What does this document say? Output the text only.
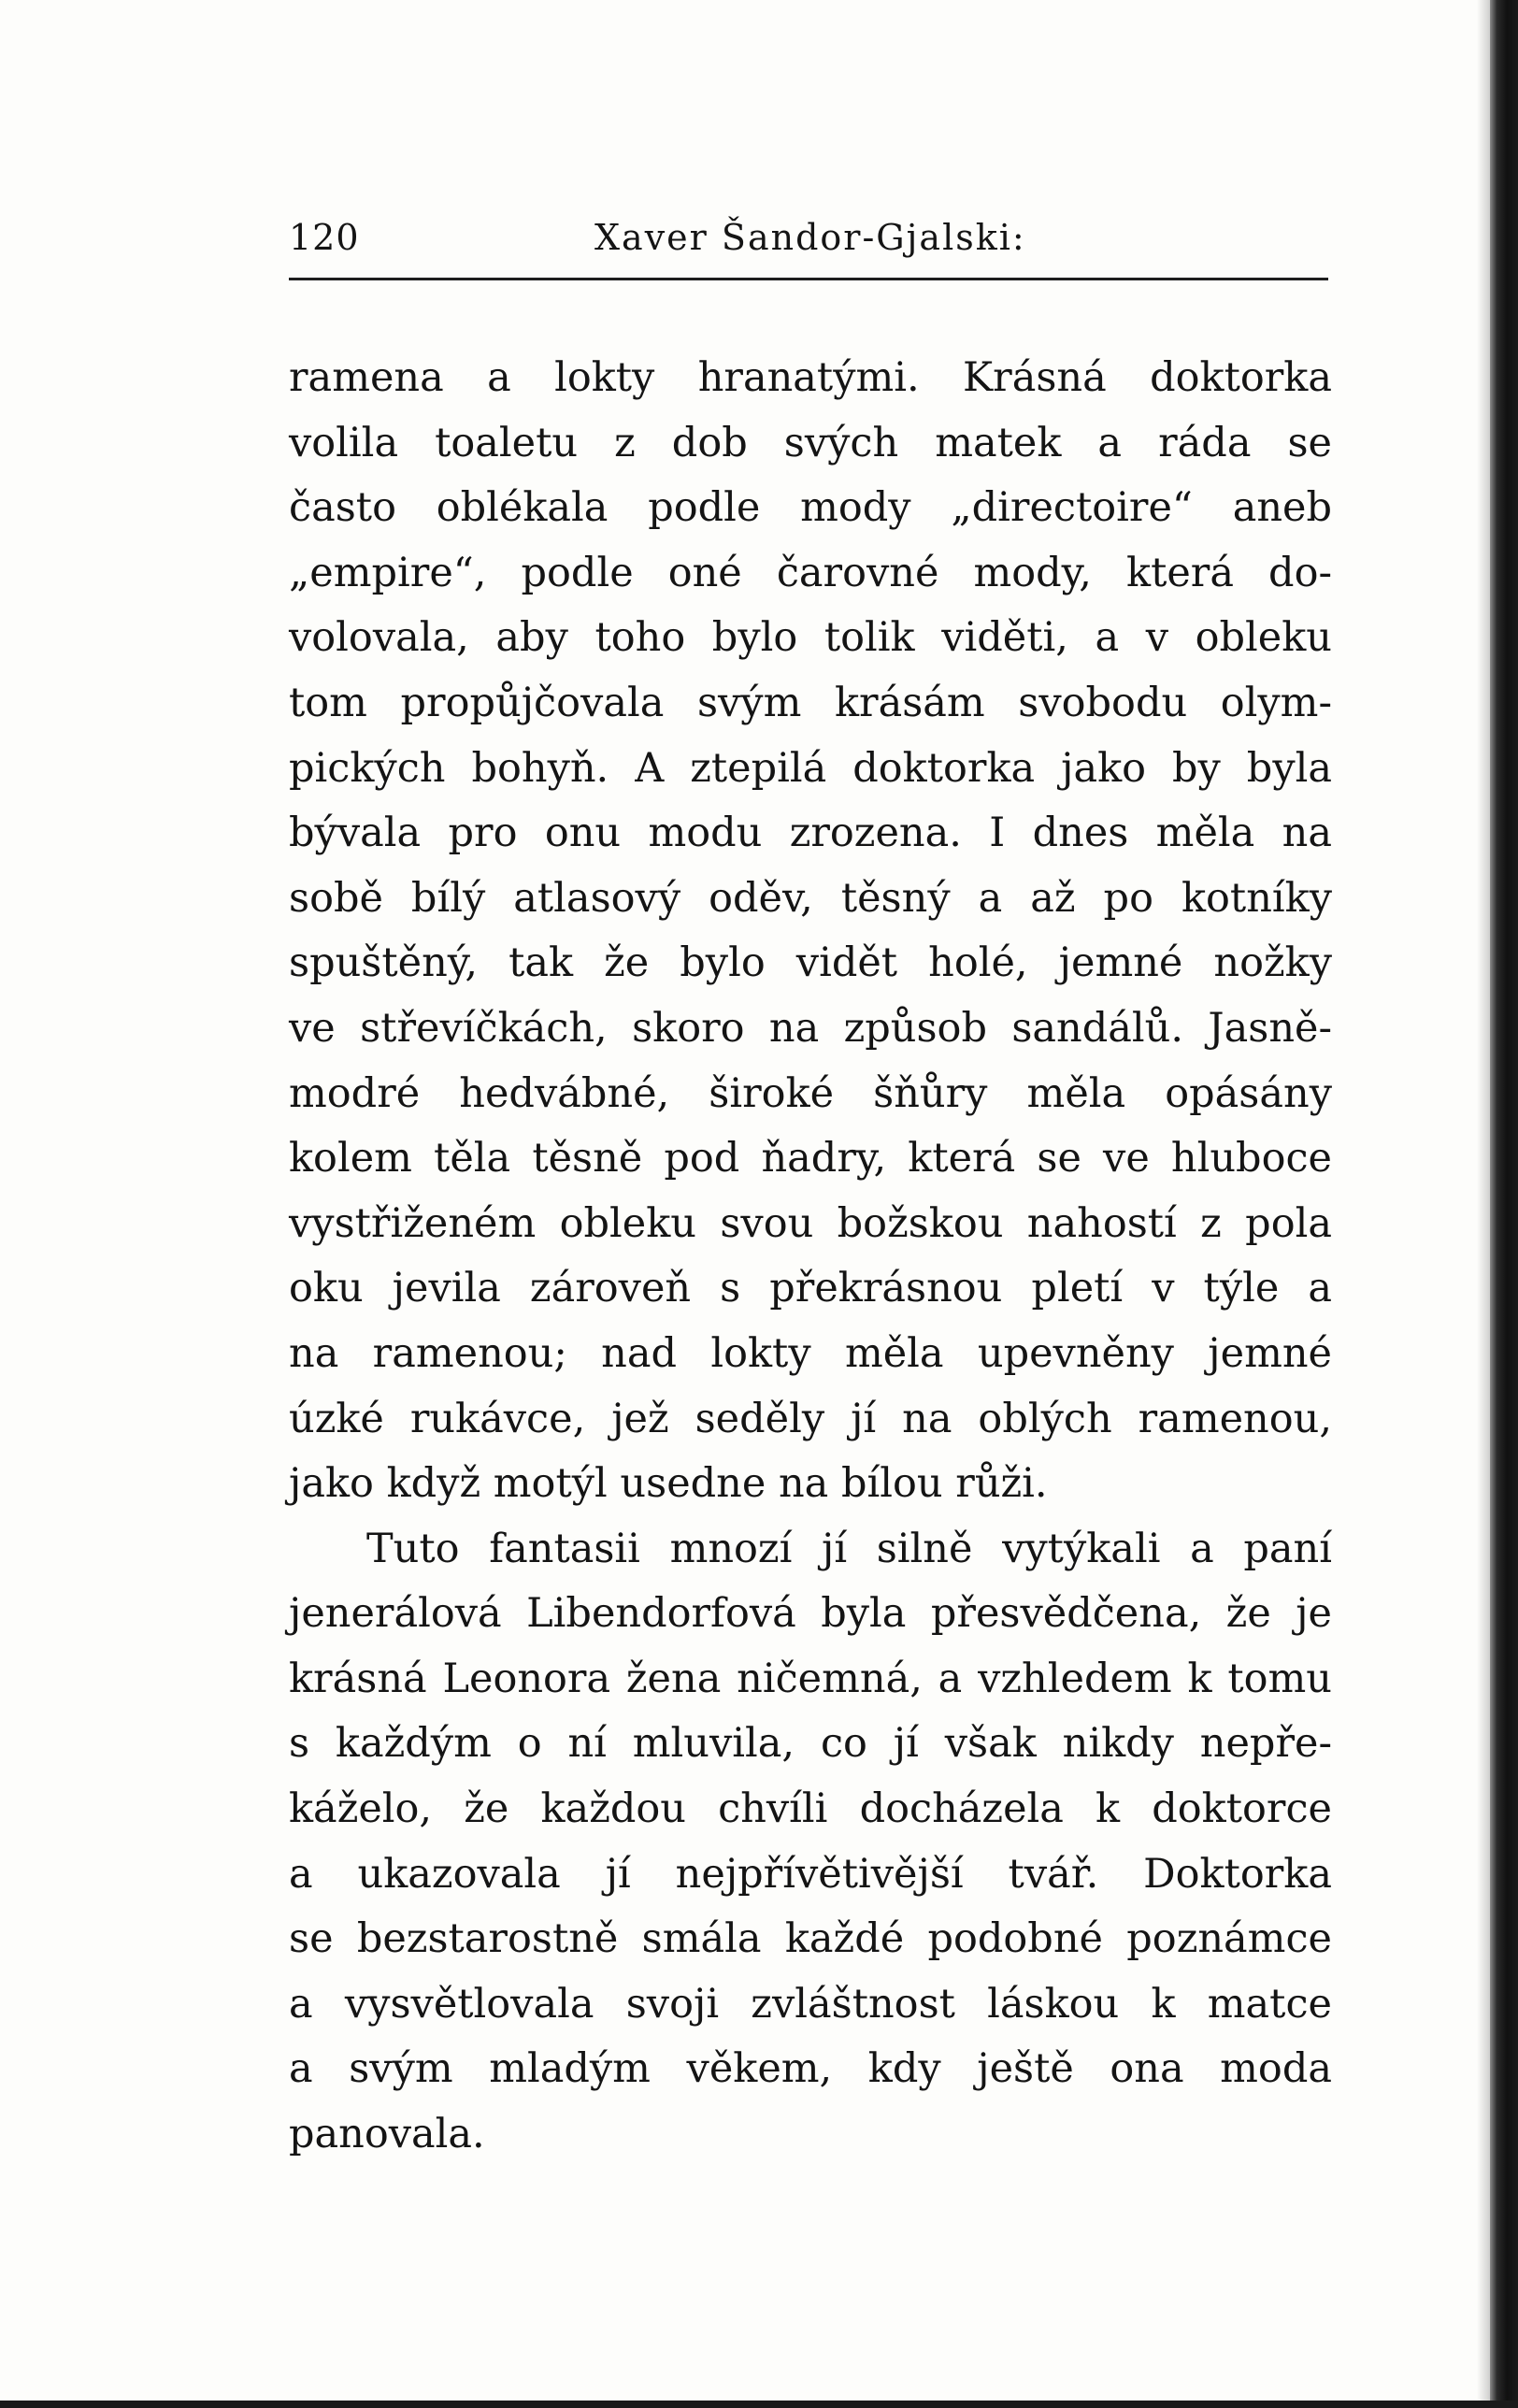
120	Xaver Šandor-Gjalski:
ramena a lokty hranatými. Krásná doktorka
volila toaletu z dob svých matek a ráda se
často oblékala podle mody „directoire“ aneb
„empire“, podle oné čarovné mody, která do-
volovala, aby toho bylo tolik viděti, a v obleku
tom propůjčovala svým krásám svobodu olym-
pických bohyň. A ztepilá doktorka jako by byla
bývala pro onu modu zrozena. I dnes měla na
sobě bílý atlasový oděv, těsný a až po kotníky
spuštěný, tak že bylo vidět holé, jemné nožky
ve střevíčkách, skoro na způsob sandálů. Jasně-
modré hedvábné, široké šňůry měla opásány
kolem těla těsně pod ňadry, která se ve hluboce
vystřiženém obleku svou božskou nahostí z pola
oku jevila zároveň s překrásnou pletí v týle a
na ramenou; nad lokty měla upevněny jemné
úzké rukávce, jež seděly jí na oblých ramenou,
jako když motýl usedne na bílou růži.
Tuto fantasii mnozí jí silně vytýkali a paní
jenerálová Libendorfová byla přesvědčena, že je
krásná Leonora žena ničemná, a vzhledem k tomu
s každým o ní mluvila, co jí však nikdy nepře-
káželo, že každou chvíli docházela k doktorce
a ukazovala jí nejpřívětivější tvář. Doktorka
se bezstarostně smála každé podobné poznámce
a vysvětlovala svoji zvláštnost láskou k matce
a svým mladým věkem, kdy ještě ona moda
panovala.
